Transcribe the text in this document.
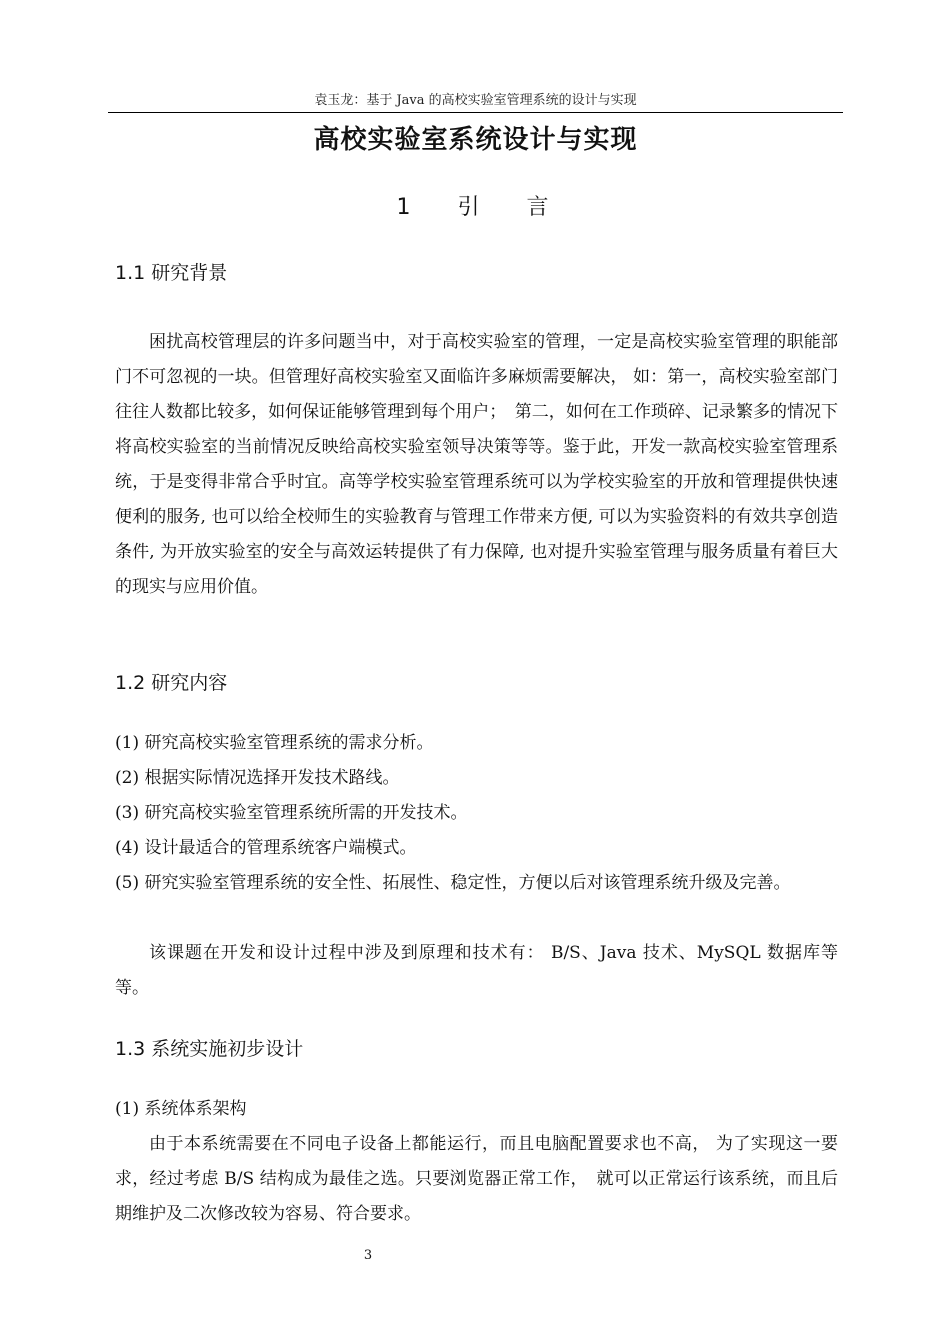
袁玉龙：基于 Java 的高校实验室管理系统的设计与实现
高校实验室系统设计与实现
1 引 言
1.1 研究背景
困扰高校管理层的许多问题当中，对于高校实验室的管理，一定是高校实验室管理的职能部门不可忽视的一块。但管理好高校实验室又面临许多麻烦需要解决， 如：第一，高校实验室部门往往人数都比较多，如何保证能够管理到每个用户；　第二，如何在工作琐碎、记录繁多的情况下将高校实验室的当前情况反映给高校实验室领导决策等等。鉴于此，开发一款高校实验室管理系统，于是变得非常合乎时宜。高等学校实验室管理系统可以为学校实验室的开放和管理提供快速便利的服务, 也可以给全校师生的实验教育与管理工作带来方便, 可以为实验资料的有效共享创造条件, 为开放实验室的安全与高效运转提供了有力保障, 也对提升实验室管理与服务质量有着巨大的现实与应用价值。
1.2 研究内容
(1) 研究高校实验室管理系统的需求分析。
(2) 根据实际情况选择开发技术路线。
(3) 研究高校实验室管理系统所需的开发技术。
(4) 设计最适合的管理系统客户端模式。
(5) 研究实验室管理系统的安全性、拓展性、稳定性，方便以后对该管理系统升级及完善。
该课题在开发和设计过程中涉及到原理和技术有： B/S、Java 技术、MySQL 数据库等等。
1.3 系统实施初步设计
(1) 系统体系架构
由于本系统需要在不同电子设备上都能运行，而且电脑配置要求也不高， 为了实现这一要求，经过考虑 B/S 结构成为最佳之选。只要浏览器正常工作，　就可以正常运行该系统，而且后期维护及二次修改较为容易、符合要求。
3
